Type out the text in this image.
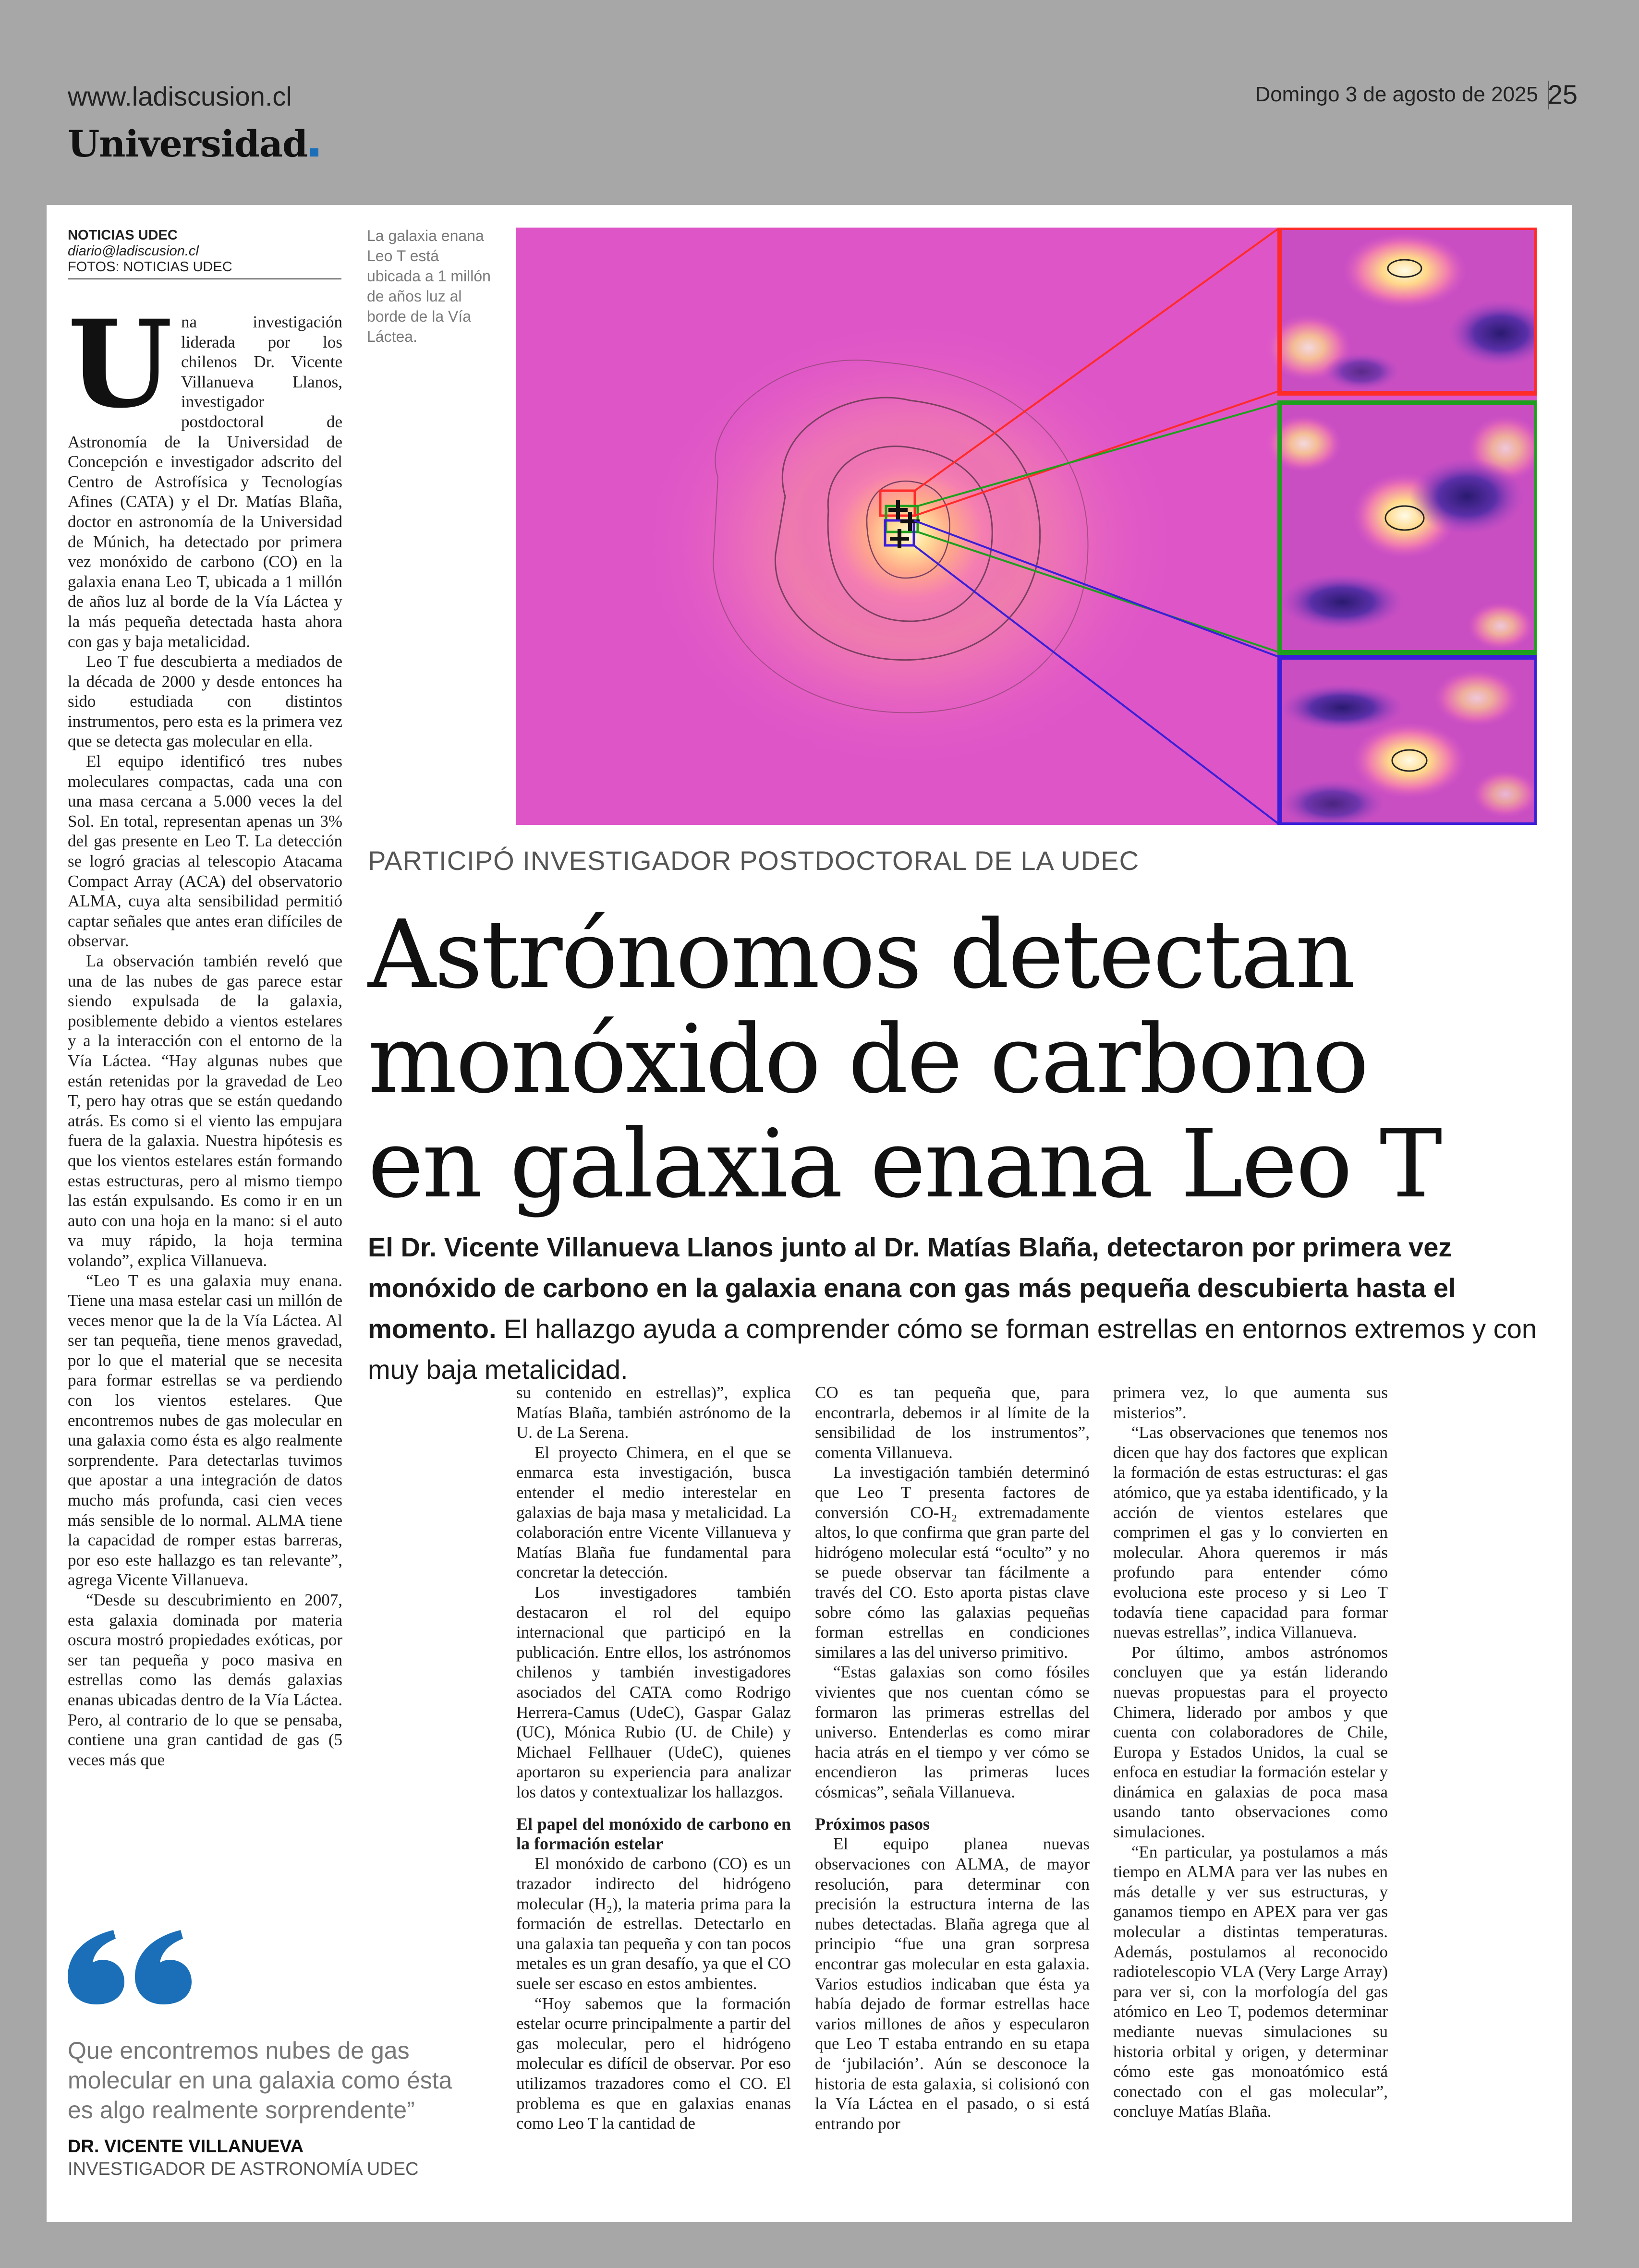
www.ladiscusion.cl
Universidad
Domingo 3 de agosto de 2025 25
NOTICIAS UDEC
diario@ladiscusion.cl
FOTOS: NOTICIAS UDEC
La galaxia enana Leo T está ubicada a 1 millón de años luz al borde de la Vía Láctea.
PARTICIPÓ INVESTIGADOR POSTDOCTORAL DE LA UDEC
Astrónomos detectan
monóxido de carbono
en galaxia enana Leo T
El Dr. Vicente Villanueva Llanos junto al Dr. Matías Blaña, detectaron por primera vez monóxido de carbono en la galaxia enana con gas más pequeña descubierta hasta el momento. El hallazgo ayuda a comprender cómo se forman estrellas en entornos extremos y con muy baja metalicidad.
U na investigación liderada por los chilenos Dr. Vicente Villanueva Llanos, investigador postdoctoral de Astronomía de la Universidad de Concepción e investigador adscrito del Centro de Astrofísica y Tecnologías Afines (CATA) y el Dr. Matías Blaña, doctor en astronomía de la Universidad de Múnich, ha detectado por primera vez monóxido de carbono (CO) en la galaxia enana Leo T, ubicada a 1 millón de años luz al borde de la Vía Láctea y la más pequeña detectada hasta ahora con gas y baja metalicidad.

Leo T fue descubierta a mediados de la década de 2000 y desde entonces ha sido estudiada con distintos instrumentos, pero esta es la primera vez que se detecta gas molecular en ella.

El equipo identificó tres nubes moleculares compactas, cada una con una masa cercana a 5.000 veces la del Sol. En total, representan apenas un 3% del gas presente en Leo T. La detección se logró gracias al telescopio Atacama Compact Array (ACA) del observatorio ALMA, cuya alta sensibilidad permitió captar señales que antes eran difíciles de observar.

La observación también reveló que una de las nubes de gas parece estar siendo expulsada de la galaxia, posiblemente debido a vientos estelares y a la interacción con el entorno de la Vía Láctea. “Hay algunas nubes que están retenidas por la gravedad de Leo T, pero hay otras que se están quedando atrás. Es como si el viento las empujara fuera de la galaxia. Nuestra hipótesis es que los vientos estelares están formando estas estructuras, pero al mismo tiempo las están expulsando. Es como ir en un auto con una hoja en la mano: si el auto va muy rápido, la hoja termina volando”, explica Villanueva.

“Leo T es una galaxia muy enana. Tiene una masa estelar casi un millón de veces menor que la de la Vía Láctea. Al ser tan pequeña, tiene menos gravedad, por lo que el material que se necesita para formar estrellas se va perdiendo con los vientos estelares. Que encontremos nubes de gas molecular en una galaxia como ésta es algo realmente sorprendente. Para detectarlas tuvimos que apostar a una integración de datos mucho más profunda, casi cien veces más sensible de lo normal. ALMA tiene la capacidad de romper estas barreras, por eso este hallazgo es tan relevante”, agrega Vicente Villanueva.

“Desde su descubrimiento en 2007, esta galaxia dominada por materia oscura mostró propiedades exóticas, por ser tan pequeña y poco masiva en estrellas como las demás galaxias enanas ubicadas dentro de la Vía Láctea. Pero, al contrario de lo que se pensaba, contiene una gran cantidad de gas (5 veces más que

su contenido en estrellas)”, explica Matías Blaña, también astrónomo de la U. de La Serena.

El proyecto Chimera, en el que se enmarca esta investigación, busca entender el medio interestelar en galaxias de baja masa y metalicidad. La colaboración entre Vicente Villanueva y Matías Blaña fue fundamental para concretar la detección.

Los investigadores también destacaron el rol del equipo internacional que participó en la publicación. Entre ellos, los astrónomos chilenos y también investigadores asociados del CATA como Rodrigo Herrera-Camus (UdeC), Gaspar Galaz (UC), Mónica Rubio (U. de Chile) y Michael Fellhauer (UdeC), quienes aportaron su experiencia para analizar los datos y contextualizar los hallazgos.

El papel del monóxido de carbono en la formación estelar

El monóxido de carbono (CO) es un trazador indirecto del hidrógeno molecular (H₂), la materia prima para la formación de estrellas. Detectarlo en una galaxia tan pequeña y con tan pocos metales es un gran desafío, ya que el CO suele ser escaso en estos ambientes.

“Hoy sabemos que la formación estelar ocurre principalmente a partir del gas molecular, pero el hidrógeno molecular es difícil de observar. Por eso utilizamos trazadores como el CO. El problema es que en galaxias enanas como Leo T la cantidad de

CO es tan pequeña que, para encontrarla, debemos ir al límite de la sensibilidad de los instrumentos”, comenta Villanueva.

La investigación también determinó que Leo T presenta factores de conversión CO-H₂ extremadamente altos, lo que confirma que gran parte del hidrógeno molecular está “oculto” y no se puede observar tan fácilmente a través del CO. Esto aporta pistas clave sobre cómo las galaxias pequeñas forman estrellas en condiciones similares a las del universo primitivo.

“Estas galaxias son como fósiles vivientes que nos cuentan cómo se formaron las primeras estrellas del universo. Entenderlas es como mirar hacia atrás en el tiempo y ver cómo se encendieron las primeras luces cósmicas”, señala Villanueva.

Próximos pasos

El equipo planea nuevas observaciones con ALMA, de mayor resolución, para determinar con precisión la estructura interna de las nubes detectadas. Blaña agrega que al principio “fue una gran sorpresa encontrar gas molecular en esta galaxia. Varios estudios indicaban que ésta ya había dejado de formar estrellas hace varios millones de años y especularon que Leo T estaba entrando en su etapa de ‘jubilación’. Aún se desconoce la historia de esta galaxia, si colisionó con la Vía Láctea en el pasado, o si está entrando por

primera vez, lo que aumenta sus misterios”.

“Las observaciones que tenemos nos dicen que hay dos factores que explican la formación de estas estructuras: el gas atómico, que ya estaba identificado, y la acción de vientos estelares que comprimen el gas y lo convierten en molecular. Ahora queremos ir más profundo para entender cómo evoluciona este proceso y si Leo T todavía tiene capacidad para formar nuevas estrellas”, indica Villanueva.

Por último, ambos astrónomos concluyen que ya están liderando nuevas propuestas para el proyecto Chimera, liderado por ambos y que cuenta con colaboradores de Chile, Europa y Estados Unidos, la cual se enfoca en estudiar la formación estelar y dinámica en galaxias de poca masa usando tanto observaciones como simulaciones.

“En particular, ya postulamos a más tiempo en ALMA para ver las nubes en más detalle y ver sus estructuras, y ganamos tiempo en APEX para ver gas molecular a distintas temperaturas. Además, postulamos al reconocido radiotelescopio VLA (Very Large Array) para ver si, con la morfología del gas atómico en Leo T, podemos determinar mediante nuevas simulaciones su historia orbital y origen, y determinar cómo este gas monoatómico está conectado con el gas molecular”, concluye Matías Blaña.

Que encontremos nubes de gas molecular en una galaxia como ésta es algo realmente sorprendente”
DR. VICENTE VILLANUEVA
INVESTIGADOR DE ASTRONOMÍA UDEC
